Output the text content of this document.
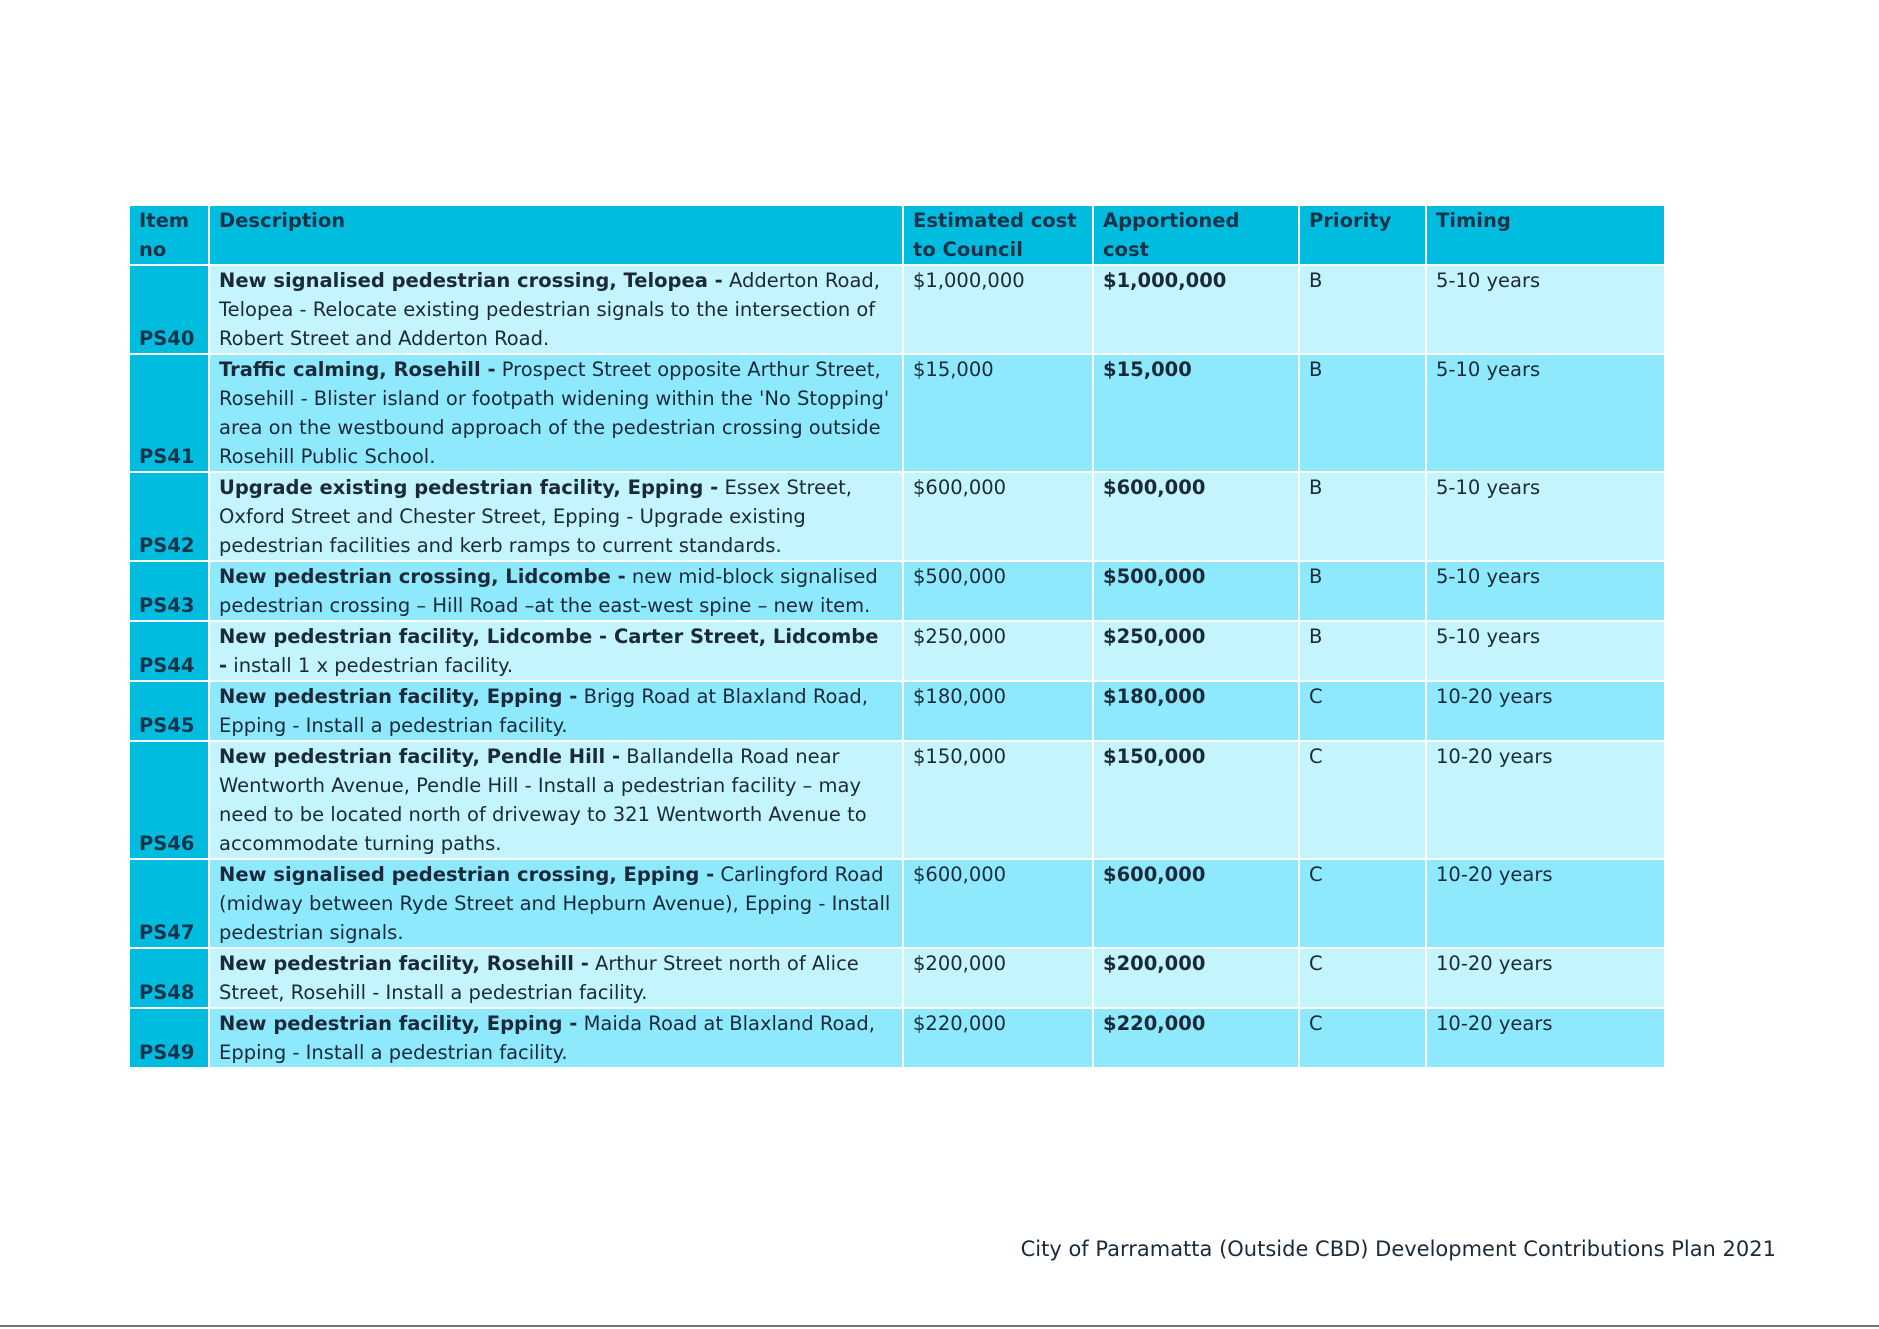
Item no	Description	Estimated cost to Council	Apportioned cost	Priority	Timing
PS40	New signalised pedestrian crossing, Telopea - Adderton Road, Telopea - Relocate existing pedestrian signals to the intersection of Robert Street and Adderton Road.	$1,000,000	$1,000,000	B	5-10 years
PS41	Traffic calming, Rosehill - Prospect Street opposite Arthur Street, Rosehill - Blister island or footpath widening within the 'No Stopping' area on the westbound approach of the pedestrian crossing outside Rosehill Public School.	$15,000	$15,000	B	5-10 years
PS42	Upgrade existing pedestrian facility, Epping - Essex Street, Oxford Street and Chester Street, Epping - Upgrade existing pedestrian facilities and kerb ramps to current standards.	$600,000	$600,000	B	5-10 years
PS43	New pedestrian crossing, Lidcombe - new mid-block signalised pedestrian crossing – Hill Road –at the east-west spine – new item.	$500,000	$500,000	B	5-10 years
PS44	New pedestrian facility, Lidcombe - Carter Street, Lidcombe - install 1 x pedestrian facility.	$250,000	$250,000	B	5-10 years
PS45	New pedestrian facility, Epping - Brigg Road at Blaxland Road, Epping - Install a pedestrian facility.	$180,000	$180,000	C	10-20 years
PS46	New pedestrian facility, Pendle Hill - Ballandella Road near Wentworth Avenue, Pendle Hill - Install a pedestrian facility – may need to be located north of driveway to 321 Wentworth Avenue to accommodate turning paths.	$150,000	$150,000	C	10-20 years
PS47	New signalised pedestrian crossing, Epping - Carlingford Road (midway between Ryde Street and Hepburn Avenue), Epping - Install pedestrian signals.	$600,000	$600,000	C	10-20 years
PS48	New pedestrian facility, Rosehill - Arthur Street north of Alice Street, Rosehill - Install a pedestrian facility.	$200,000	$200,000	C	10-20 years
PS49	New pedestrian facility, Epping - Maida Road at Blaxland Road, Epping - Install a pedestrian facility.	$220,000	$220,000	C	10-20 years
City of Parramatta (Outside CBD) Development Contributions Plan 2021
